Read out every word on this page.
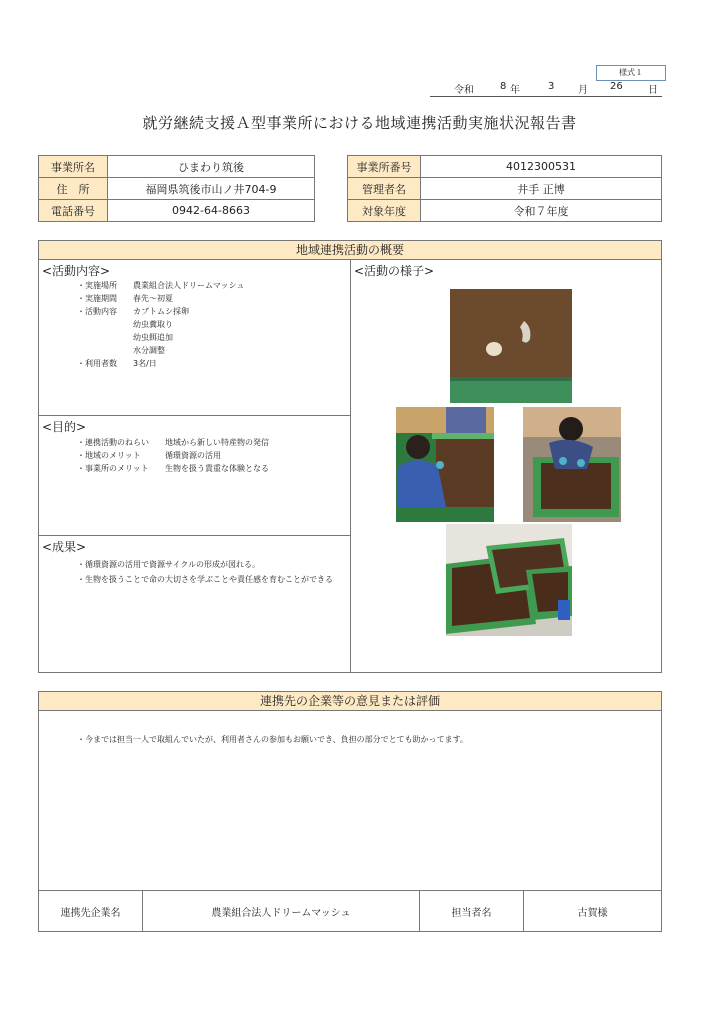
様式１
令和	8 年	3 月 26	日
就労継続支援Ａ型事業所における地域連携活動実施状況報告書
事業所名	ひまわり筑後
住　所	福岡県筑後市山ノ井704-9
電話番号	0942-64-8663
事業所番号	4012300531
管理者名	井手 正博
対象年度	令和７年度
地域連携活動の概要
<活動内容>
・実施場所 農業組合法人ドリームマッシュ
・実施期間 春先～初夏
・活動内容 カブトムシ採卵
幼虫糞取り
幼虫餌追加
水分調整
・利用者数 3名/日
<目的>
・連携活動のねらい 地域から新しい特産物の発信
・地域のメリット	循環資源の活用
・事業所のメリット 生物を扱う貴重な体験となる
<成果>
・循環資源の活用で資源サイクルの形成が図れる。
・生物を扱うことで命の大切さを学ぶことや責任感を育むことができる
<活動の様子>
連携先の企業等の意見または評価
・今までは担当一人で取組んでいたが、利用者さんの参加もお願いでき、負担の部分でとても助かってます。
連携先企業名	農業組合法人ドリームマッシュ	担当者名	古賀様
